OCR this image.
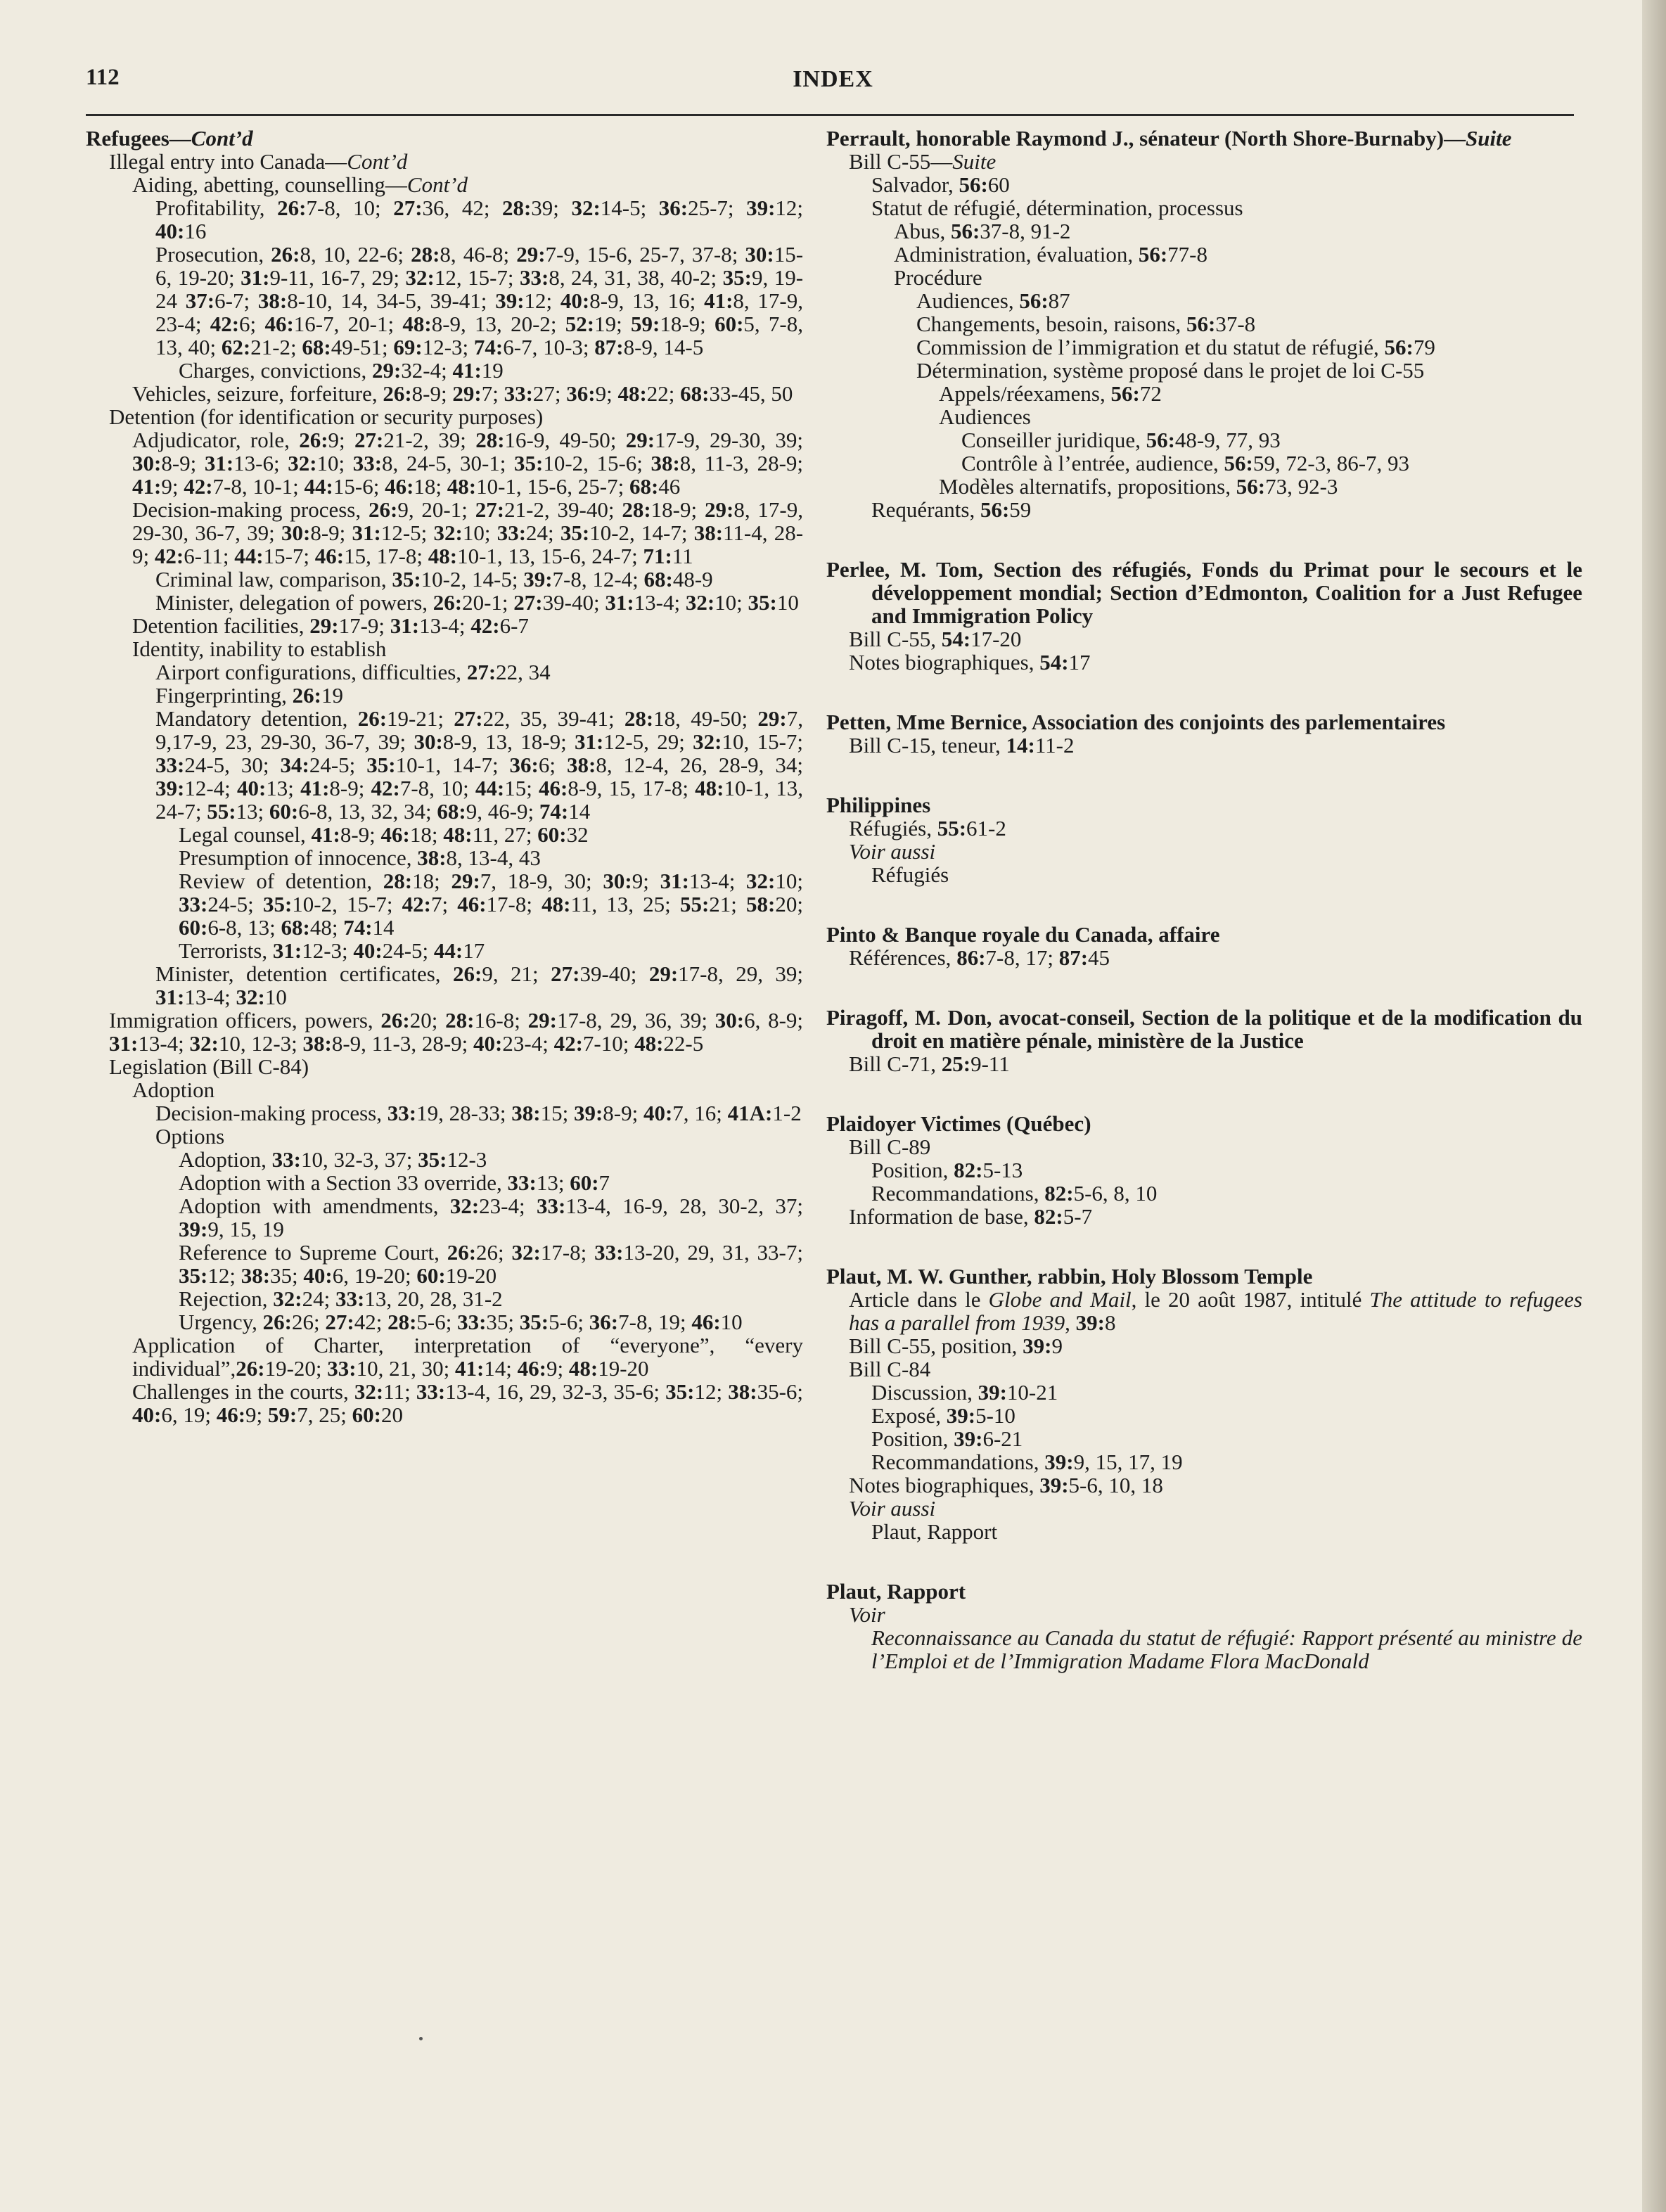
112	INDEX

Refugees—Cont’d

Illegal entry into Canada—Cont’d

Aiding, abetting, counselling—Cont’d

Profitability, 26:7-8, 10; 27:36, 42; 28:39; 32:14-5; 36:25-7; 39:12; 40:16

Prosecution, 26:8, 10, 22-6; 28:8, 46-8; 29:7-9, 15-6, 25-7, 37-8; 30:15-6, 19-20; 31:9-11, 16-7, 29; 32:12, 15-7; 33:8, 24, 31, 38, 40-2; 35:9, 19-24 37:6-7; 38:8-10, 14, 34-5, 39-41; 39:12; 40:8-9, 13, 16; 41:8, 17-9, 23-4; 42:6; 46:16-7, 20-1; 48:8-9, 13, 20-2; 52:19; 59:18-9; 60:5, 7-8, 13, 40; 62:21-2; 68:49-51; 69:12-3; 74:6-7, 10-3; 87:8-9, 14-5

Charges, convictions, 29:32-4; 41:19

Vehicles, seizure, forfeiture, 26:8-9; 29:7; 33:27; 36:9; 48:22; 68:33-45, 50

Detention (for identification or security purposes)

Adjudicator, role, 26:9; 27:21-2, 39; 28:16-9, 49-50; 29:17-9, 29-30, 39; 30:8-9; 31:13-6; 32:10; 33:8, 24-5, 30-1; 35:10-2, 15-6; 38:8, 11-3, 28-9; 41:9; 42:7-8, 10-1; 44:15-6; 46:18; 48:10-1, 15-6, 25-7; 68:46

Decision-making process, 26:9, 20-1; 27:21-2, 39-40; 28:18-9; 29:8, 17-9, 29-30, 36-7, 39; 30:8-9; 31:12-5; 32:10; 33:24; 35:10-2, 14-7; 38:11-4, 28-9; 42:6-11; 44:15-7; 46:15, 17-8; 48:10-1, 13, 15-6, 24-7; 71:11

Criminal law, comparison, 35:10-2, 14-5; 39:7-8, 12-4; 68:48-9

Minister, delegation of powers, 26:20-1; 27:39-40; 31:13-4; 32:10; 35:10

Detention facilities, 29:17-9; 31:13-4; 42:6-7

Identity, inability to establish

Airport configurations, difficulties, 27:22, 34

Fingerprinting, 26:19

Mandatory detention, 26:19-21; 27:22, 35, 39-41; 28:18, 49-50; 29:7, 9,17-9, 23, 29-30, 36-7, 39; 30:8-9, 13, 18-9; 31:12-5, 29; 32:10, 15-7; 33:24-5, 30; 34:24-5; 35:10-1, 14-7; 36:6; 38:8, 12-4, 26, 28-9, 34; 39:12-4; 40:13; 41:8-9; 42:7-8, 10; 44:15; 46:8-9, 15, 17-8; 48:10-1, 13, 24-7; 55:13; 60:6-8, 13, 32, 34; 68:9, 46-9; 74:14

Legal counsel, 41:8-9; 46:18; 48:11, 27; 60:32

Presumption of innocence, 38:8, 13-4, 43

Review of detention, 28:18; 29:7, 18-9, 30; 30:9; 31:13-4; 32:10; 33:24-5; 35:10-2, 15-7; 42:7; 46:17-8; 48:11, 13, 25; 55:21; 58:20; 60:6-8, 13; 68:48; 74:14

Terrorists, 31:12-3; 40:24-5; 44:17

Minister, detention certificates, 26:9, 21; 27:39-40; 29:17-8, 29, 39; 31:13-4; 32:10

Immigration officers, powers, 26:20; 28:16-8; 29:17-8, 29, 36, 39; 30:6, 8-9; 31:13-4; 32:10, 12-3; 38:8-9, 11-3, 28-9; 40:23-4; 42:7-10; 48:22-5

Legislation (Bill C-84)

Adoption

Decision-making process, 33:19, 28-33; 38:15; 39:8-9; 40:7, 16; 41A:1-2

Options

Adoption, 33:10, 32-3, 37; 35:12-3

Adoption with a Section 33 override, 33:13; 60:7

Adoption with amendments, 32:23-4; 33:13-4, 16-9, 28, 30-2, 37; 39:9, 15, 19

Reference to Supreme Court, 26:26; 32:17-8; 33:13-20, 29, 31, 33-7; 35:12; 38:35; 40:6, 19-20; 60:19-20

Rejection, 32:24; 33:13, 20, 28, 31-2

Urgency, 26:26; 27:42; 28:5-6; 33:35; 35:5-6; 36:7-8, 19; 46:10

Application of Charter, interpretation of “everyone”, “every individual”,26:19-20; 33:10, 21, 30; 41:14; 46:9; 48:19-20

Challenges in the courts, 32:11; 33:13-4, 16, 29, 32-3, 35-6; 35:12; 38:35-6; 40:6, 19; 46:9; 59:7, 25; 60:20

Perrault, honorable Raymond J., sénateur (North Shore-Burnaby)—Suite

Bill C-55—Suite

Salvador, 56:60

Statut de réfugié, détermination, processus

Abus, 56:37-8, 91-2

Administration, évaluation, 56:77-8

Procédure

Audiences, 56:87

Changements, besoin, raisons, 56:37-8

Commission de l’immigration et du statut de réfugié, 56:79

Détermination, système proposé dans le projet de loi C-55

Appels/réexamens, 56:72

Audiences

Conseiller juridique, 56:48-9, 77, 93

Contrôle à l’entrée, audience, 56:59, 72-3, 86-7, 93

Modèles alternatifs, propositions, 56:73, 92-3

Requérants, 56:59

Perlee, M. Tom, Section des réfugiés, Fonds du Primat pour le secours et le développement mondial; Section d’Edmonton, Coalition for a Just Refugee and Immigration Policy

Bill C-55, 54:17-20

Notes biographiques, 54:17

Petten, Mme Bernice, Association des conjoints des parlementaires

Bill C-15, teneur, 14:11-2

Philippines

Réfugiés, 55:61-2

Voir aussi

Réfugiés

Pinto & Banque royale du Canada, affaire

Références, 86:7-8, 17; 87:45

Piragoff, M. Don, avocat-conseil, Section de la politique et de la modification du droit en matière pénale, ministère de la Justice

Bill C-71, 25:9-11

Plaidoyer Victimes (Québec)

Bill C-89

Position, 82:5-13

Recommandations, 82:5-6, 8, 10

Information de base, 82:5-7

Plaut, M. W. Gunther, rabbin, Holy Blossom Temple

Article dans le Globe and Mail, le 20 août 1987, intitulé The attitude to refugees has a parallel from 1939, 39:8

Bill C-55, position, 39:9

Bill C-84

Discussion, 39:10-21

Exposé, 39:5-10

Position, 39:6-21

Recommandations, 39:9, 15, 17, 19

Notes biographiques, 39:5-6, 10, 18

Voir aussi

Plaut, Rapport

Plaut, Rapport

Voir

Reconnaissance au Canada du statut de réfugié: Rapport présenté au ministre de l’Emploi et de l’Immigration Madame Flora MacDonald
